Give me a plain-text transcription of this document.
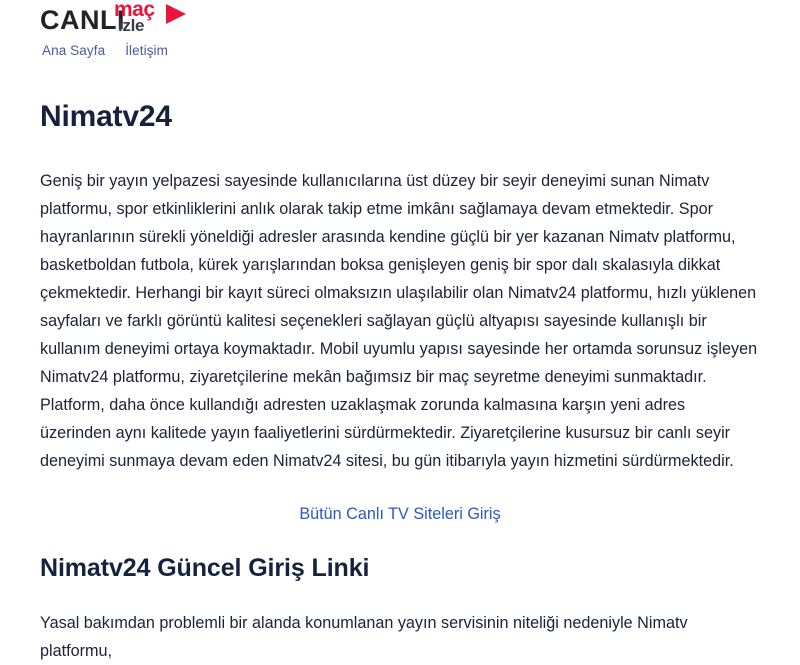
CANLI
maç
izle
Ana Sayfa İletişim
Nimatv24

Geniş bir yayın yelpazesi sayesinde kullanıcılarına üst düzey bir seyir deneyimi sunan Nimatv platformu, spor etkinliklerini anlık olarak takip etme imkânı sağlamaya devam etmektedir. Spor hayranlarının sürekli yöneldiği adresler arasında kendine güçlü bir yer kazanan Nimatv platformu, basketboldan futbola, kürek yarışlarından boksa genişleyen geniş bir spor dalı skalasıyla dikkat çekmektedir. Herhangi bir kayıt süreci olmaksızın ulaşılabilir olan Nimatv24 platformu, hızlı yüklenen sayfaları ve farklı görüntü kalitesi seçenekleri sağlayan güçlü altyapısı sayesinde kullanışlı bir kullanım deneyimi ortaya koymaktadır. Mobil uyumlu yapısı sayesinde her ortamda sorunsuz işleyen Nimatv24 platformu, ziyaretçilerine mekân bağımsız bir maç seyretme deneyimi sunmaktadır. Platform, daha önce kullandığı adresten uzaklaşmak zorunda kalmasına karşın yeni adres üzerinden aynı kalitede yayın faaliyetlerini sürdürmektedir. Ziyaretçilerine kusursuz bir canlı seyir deneyimi sunmaya devam eden Nimatv24 sitesi, bu gün itibarıyla yayın hizmetini sürdürmektedir.

Bütün Canlı TV Siteleri Giriş
Nimatv24 Güncel Giriş Linki

Yasal bakımdan problemli bir alanda konumlanan yayın servisinin niteliği nedeniyle Nimatv platformu,
